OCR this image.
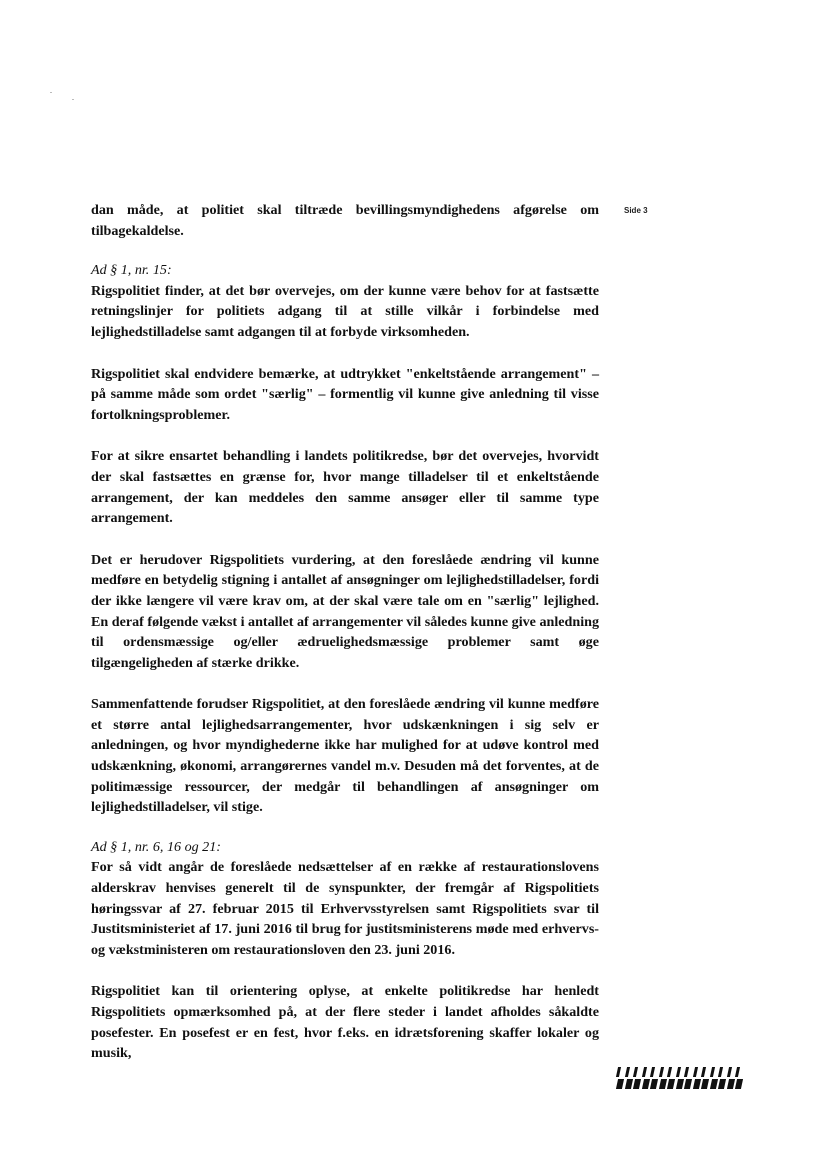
Side 3

dan måde, at politiet skal tiltræde bevillingsmyndighedens afgørelse om tilbagekaldelse.

Ad § 1, nr. 15:

Rigspolitiet finder, at det bør overvejes, om der kunne være behov for at fastsætte retningslinjer for politiets adgang til at stille vilkår i forbindelse med lejlighedstilladelse samt adgangen til at forbyde virksomheden.

Rigspolitiet skal endvidere bemærke, at udtrykket "enkeltstående arrangement" – på samme måde som ordet "særlig" – formentlig vil kunne give anledning til visse fortolkningsproblemer.

For at sikre ensartet behandling i landets politikredse, bør det overvejes, hvorvidt der skal fastsættes en grænse for, hvor mange tilladelser til et enkeltstående arrangement, der kan meddeles den samme ansøger eller til samme type arrangement.

Det er herudover Rigspolitiets vurdering, at den foreslåede ændring vil kunne medføre en betydelig stigning i antallet af ansøgninger om lejlighedstilladelser, fordi der ikke længere vil være krav om, at der skal være tale om en "særlig" lejlighed. En deraf følgende vækst i antallet af arrangementer vil således kunne give anledning til ordensmæssige og/eller ædruelighedsmæssige problemer samt øge tilgængeligheden af stærke drikke.

Sammenfattende forudser Rigspolitiet, at den foreslåede ændring vil kunne medføre et større antal lejlighedsarrangementer, hvor udskænkningen i sig selv er anledningen, og hvor myndighederne ikke har mulighed for at udøve kontrol med udskænkning, økonomi, arrangørernes vandel m.v. Desuden må det forventes, at de politimæssige ressourcer, der medgår til behandlingen af ansøgninger om lejlighedstilladelser, vil stige.

Ad § 1, nr. 6, 16 og 21:

For så vidt angår de foreslåede nedsættelser af en række af restaurationslovens alderskrav henvises generelt til de synspunkter, der fremgår af Rigspolitiets høringssvar af 27. februar 2015 til Erhvervsstyrelsen samt Rigspolitiets svar til Justitsministeriet af 17. juni 2016 til brug for justitsministerens møde med erhvervs- og vækstministeren om restaurationsloven den 23. juni 2016.

Rigspolitiet kan til orientering oplyse, at enkelte politikredse har henledt Rigspolitiets opmærksomhed på, at der flere steder i landet afholdes såkaldte posefester. En posefest er en fest, hvor f.eks. en idrætsforening skaffer lokaler og musik,
